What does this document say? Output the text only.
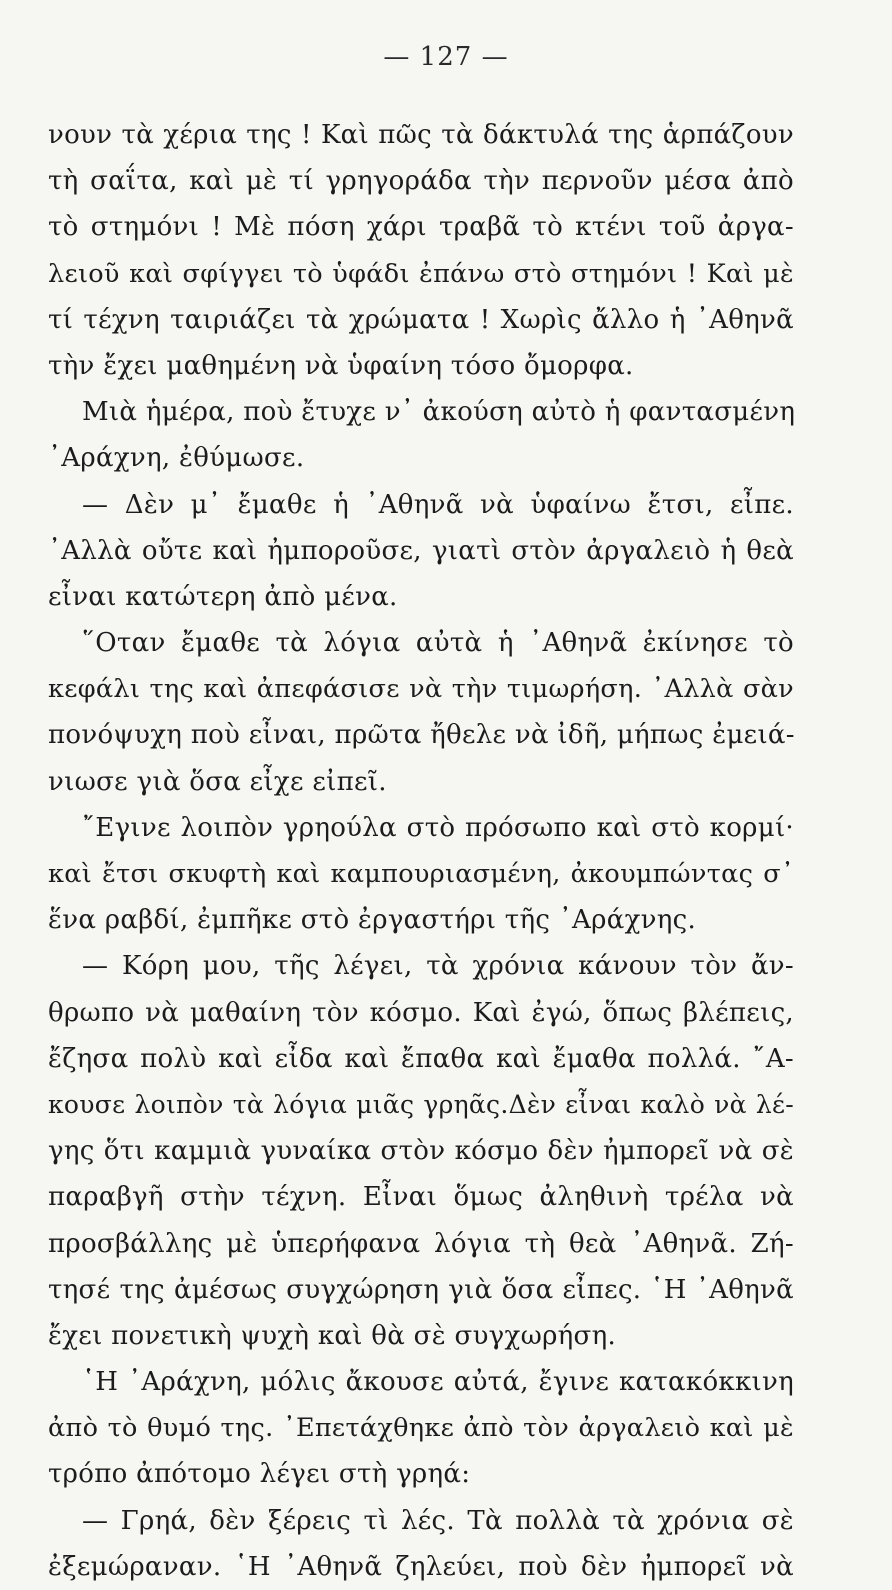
— 127 —
νουν τὰ χέρια της ! Καὶ πῶς τὰ δάκτυλά της ἁρπάζουν
τὴ σαΐτα, καὶ μὲ τί γρηγοράδα τὴν περνοῦν μέσα ἀπὸ
τὸ στημόνι ! Μὲ πόση χάρι τραβᾶ τὸ κτένι τοῦ ἀργα-
λειοῦ καὶ σφίγγει τὸ ὑφάδι ἐπάνω στὸ στημόνι ! Καὶ μὲ
τί τέχνη ταιριάζει τὰ χρώματα ! Χωρὶς ἄλλο ἡ ᾿Αθηνᾶ
τὴν ἔχει μαθημένη νὰ ὑφαίνη τόσο ὄμορφα.
Μιὰ ἡμέρα, ποὺ ἔτυχε ν᾿ ἀκούση αὐτὸ ἡ φαντασμένη
᾿Αράχνη, ἐθύμωσε.
— Δὲν μ᾿ ἔμαθε ἡ ᾿Αθηνᾶ νὰ ὑφαίνω ἔτσι, εἶπε.
᾿Αλλὰ οὔτε καὶ ἠμποροῦσε, γιατὶ στὸν ἀργαλειὸ ἡ θεὰ
εἶναι κατώτερη ἀπὸ μένα.
῞Οταν ἔμαθε τὰ λόγια αὐτὰ ἡ ᾿Αθηνᾶ ἐκίνησε τὸ
κεφάλι της καὶ ἀπεφάσισε νὰ τὴν τιμωρήση. ᾿Αλλὰ σὰν
πονόψυχη ποὺ εἶναι, πρῶτα ἤθελε νὰ ἰδῆ, μήπως ἐμειά-
νιωσε γιὰ ὅσα εἶχε εἰπεῖ.
῎Εγινε λοιπὸν γρηούλα στὸ πρόσωπο καὶ στὸ κορμί·
καὶ ἔτσι σκυφτὴ καὶ καμπουριασμένη, ἀκουμπώντας σ᾿
ἕνα ραβδί, ἐμπῆκε στὸ ἐργαστήρι τῆς ᾿Αράχνης.
— Κόρη μου, τῆς λέγει, τὰ χρόνια κάνουν τὸν ἄν-
θρωπο νὰ μαθαίνη τὸν κόσμο. Καὶ ἐγώ, ὅπως βλέπεις,
ἔζησα πολὺ καὶ εἶδα καὶ ἔπαθα καὶ ἔμαθα πολλά. ῎Α-
κουσε λοιπὸν τὰ λόγια μιᾶς γρηᾶς.Δὲν εἶναι καλὸ νὰ λέ-
γης ὅτι καμμιὰ γυναίκα στὸν κόσμο δὲν ἠμπορεῖ νὰ σὲ
παραβγῆ στὴν τέχνη. Εἶναι ὅμως ἀληθινὴ τρέλα νὰ
προσβάλλης μὲ ὑπερήφανα λόγια τὴ θεὰ ᾿Αθηνᾶ. Ζή-
τησέ της ἀμέσως συγχώρηση γιὰ ὅσα εἶπες. ῾Η ᾿Αθηνᾶ
ἔχει πονετικὴ ψυχὴ καὶ θὰ σὲ συγχωρήση.
῾Η ᾿Αράχνη, μόλις ἄκουσε αὐτά, ἔγινε κατακόκκινη
ἀπὸ τὸ θυμό της. ᾿Επετάχθηκε ἀπὸ τὸν ἀργαλειὸ καὶ μὲ
τρόπο ἀπότομο λέγει στὴ γρηά:
— Γρηά, δὲν ξέρεις τὶ λές. Τὰ πολλὰ τὰ χρόνια σὲ
ἐξεμώραναν. ῾Η ᾿Αθηνᾶ ζηλεύει, ποὺ δὲν ἠμπορεῖ νὰ
